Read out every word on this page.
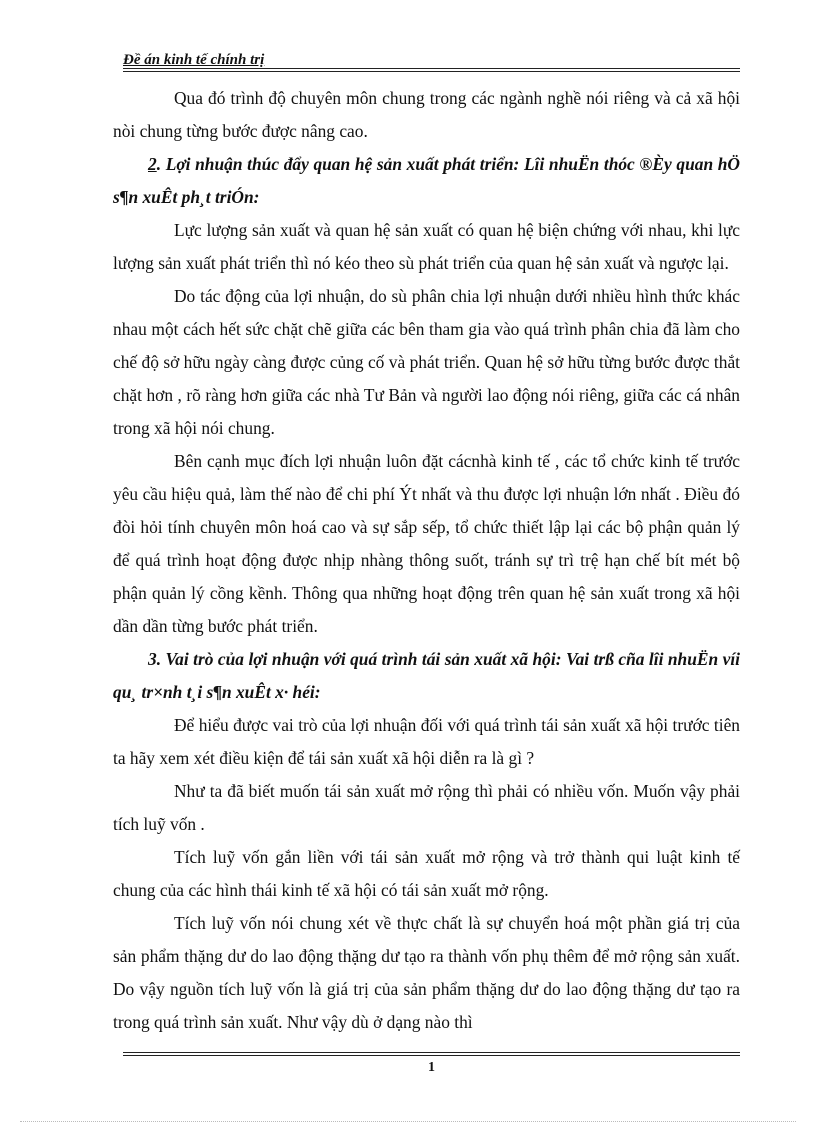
Đề án kinh tế chính trị

Qua đó trình độ chuyên môn chung trong các ngành nghề nói riêng và cả xã hội nòi chung từng bước được nâng cao.

2. Lợi nhuận thúc đẩy quan hệ sản xuất phát triển: Lîi nhuËn thóc ®Èy quan hÖ s¶n xuÊt ph¸t triÓn:

Lực lượng sản xuất và quan hệ sản xuất có quan hệ biện chứng với nhau, khi lực lượng sản xuất phát triển thì nó kéo theo sù phát triển của quan hệ sản xuất và ngược lại.

Do tác động của lợi nhuận, do sù phân chia lợi nhuận dưới nhiều hình thức khác nhau một cách hết sức chặt chẽ giữa các bên tham gia vào quá trình phân chia đã làm cho chế độ sở hữu ngày càng được củng cố và phát triển. Quan hệ sở hữu từng bước được thắt chặt hơn , rõ ràng hơn giữa các nhà Tư Bản và người lao động nói riêng, giữa các cá nhân trong xã hội nói chung.

Bên cạnh mục đích lợi nhuận luôn đặt cácnhà kinh tế , các tổ chức kinh tế trước yêu cầu hiệu quả, làm thế nào để chi phí Ýt nhất và thu được lợi nhuận lớn nhất . Điều đó đòi hỏi tính chuyên môn hoá cao và sự sắp sếp, tổ chức thiết lập lại các bộ phận quản lý để quá trình hoạt động được nhịp nhàng thông suốt, tránh sự trì trệ hạn chế bít mét bộ phận quản lý cồng kềnh. Thông qua những hoạt động trên quan hệ sản xuất trong xã hội dần dần từng bước phát triển.

3. Vai trò của lợi nhuận với quá trình tái sản xuất xã hội: Vai trß cña lîi nhuËn víi qu¸ tr×nh t¸i s¶n xuÊt x· héi:

Để hiểu được vai trò của lợi nhuận đối với quá trình tái sản xuất xã hội trước tiên ta hãy xem xét điều kiện để tái sản xuất xã hội diễn ra là gì ?

Như ta đã biết muốn tái sản xuất mở rộng thì phải có nhiều vốn. Muốn vậy phải tích luỹ vốn .

Tích luỹ vốn gắn liền với tái sản xuất mở rộng và trở thành qui luật kinh tế chung của các hình thái kinh tế xã hội có tái sản xuất mở rộng.

Tích luỹ vốn nói chung xét về thực chất là sự chuyển hoá một phần giá trị của sản phẩm thặng dư do lao động thặng dư tạo ra thành vốn phụ thêm để mở rộng sản xuất. Do vậy nguồn tích luỹ vốn là giá trị của sản phẩm thặng dư do lao động thặng dư tạo ra trong quá trình sản xuất. Như vậy dù ở dạng nào thì

1
